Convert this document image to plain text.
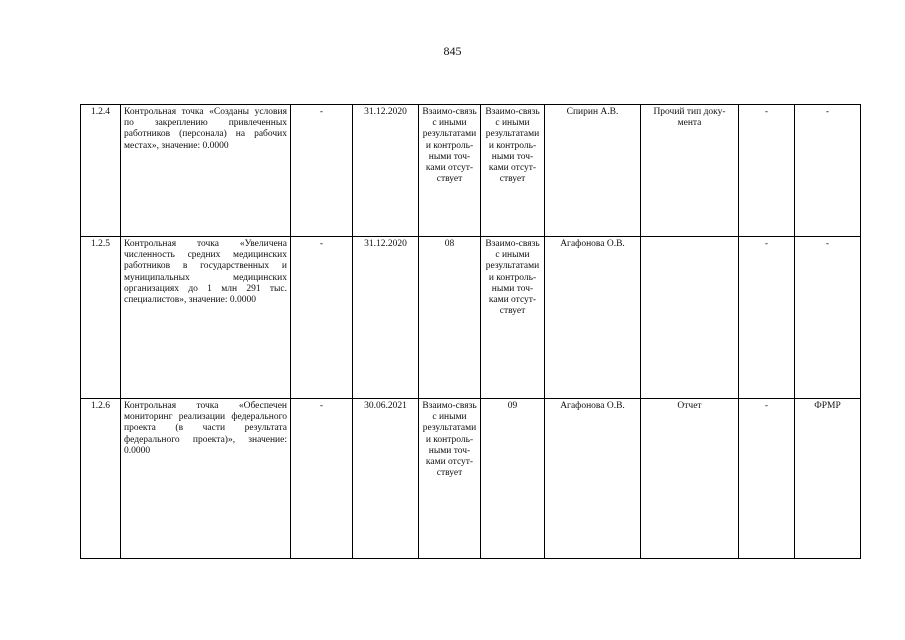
845
1.2.4	Контрольная точка «Созданы условия по закреплению привлеченных работников (персонала) на рабочих местах», значение: 0.0000	-	31.12.2020	Взаимо-связь с иными результатами и контроль-ными точ-ками отсут-ствует	Взаимо-связь с иными результатами и контроль-ными точ-ками отсут-ствует	Спирин А.В.	Прочий тип доку-мента	-	-
1.2.5	Контрольная точка «Увеличена численность средних медицинских работников в государственных и муниципальных медицинских организациях до 1 млн 291 тыс. специалистов», значение: 0.0000	-	31.12.2020	08	Взаимо-связь с иными результатами и контроль-ными точ-ками отсут-ствует	Агафонова О.В.		-	-
1.2.6	Контрольная точка «Обеспечен мониторинг реализации федерального проекта (в части результата федерального проекта)», значение: 0.0000	-	30.06.2021	Взаимо-связь с иными результатами и контроль-ными точ-ками отсут-ствует	09	Агафонова О.В.	Отчет	-	ФРМР
